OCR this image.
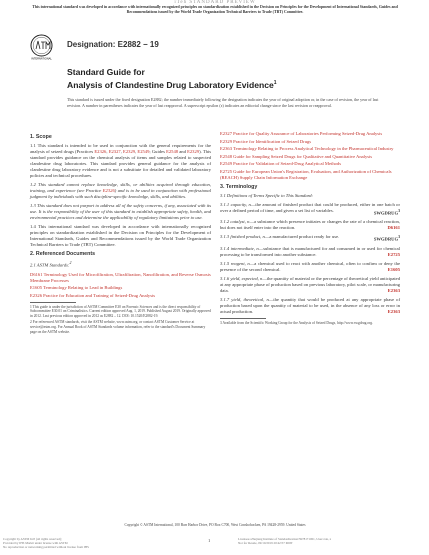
iTeh STANDARD PREVIEW
This international standard was developed in accordance with internationally recognized principles on standardization established in the Decision on Principles for the Development of International Standards, Guides and Recommendations issued by the World Trade Organization Technical Barriers to Trade (TBT) Committee.
INTERNATIONAL
Designation: E2882 − 19
Standard Guide for
Analysis of Clandestine Drug Laboratory Evidence$^1$
This standard is issued under the fixed designation E2882; the number immediately following the designation indicates the year of original adoption or, in the case of revision, the year of last revision. A number in parentheses indicates the year of last reapproval. A superscript epsilon (ε) indicates an editorial change since the last revision or reapproval.
1. Scope

1.1 This standard is intended to be used in conjunction with the general requirements for the analysis of seized drugs (Practices E2326, E2327, E2329, E2549; Guides E2548 and E2329). This standard provides guidance on the chemical analysis of items and samples related to suspected clandestine drug laboratories. This standard provides general guidance for the analysis of clandestine drug laboratory evidence and is not a substitute for detailed and validated laboratory policies and technical procedures.

1.2 This standard cannot replace knowledge, skills, or abilities acquired through education, training, and experience (see Practice E2326) and is to be used in conjunction with professional judgment by individuals with such discipline-specific knowledge, skills, and abilities.

1.3 This standard does not purport to address all of the safety concerns, if any, associated with its use. It is the responsibility of the user of this standard to establish appropriate safety, health, and environmental practices and determine the applicability of regulatory limitations prior to use.

1.4 This international standard was developed in accordance with internationally recognized principles on standardization established in the Decision on Principles for the Development of International Standards, Guides and Recommendations issued by the World Trade Organization Technical Barriers to Trade (TBT) Committee.

2. Referenced Documents

2.1 ASTM Standards:$^2$

D6161 Terminology Used for Microfiltration, Ultrafiltration, Nanofiltration, and Reverse Osmosis Membrane Processes

E1605 Terminology Relating to Lead in Buildings

E2326 Practice for Education and Training of Seized-Drug Analysts

1 This guide is under the jurisdiction of ASTM Committee E30 on Forensic Sciences and is the direct responsibility of Subcommittee E30.01 on Criminalistics. Current edition approved Aug. 1, 2019. Published August 2019. Originally approved in 2012. Last previous edition approved in 2012 as E2882 – 12. DOI: 10.1520/E2882-19.

2 For referenced ASTM standards, visit the ASTM website, www.astm.org, or contact ASTM Customer Service at service@astm.org. For Annual Book of ASTM Standards volume information, refer to the standard's Document Summary page on the ASTM website.

E2327 Practice for Quality Assurance of Laboratories Performing Seized-Drug Analysis

E2329 Practice for Identification of Seized Drugs

E2363 Terminology Relating to Process Analytical Technology in the Pharmaceutical Industry

E2548 Guide for Sampling Seized Drugs for Qualitative and Quantitative Analysis

E2549 Practice for Validation of Seized-Drug Analytical Methods

E2725 Guide for European Union's Registration, Evaluation, and Authorization of Chemicals (REACH) Supply Chain Information Exchange

3. Terminology

3.1 Definitions of Terms Specific to This Standard:

3.1.1 capacity, n—the amount of finished product that could be produced, either in one batch or over a defined period of time, and given a set list of variables.
SWGDRUG$^3$

3.1.2 catalyst, n—a substance which presence initiates or changes the rate of a chemical reaction, but does not itself enter into the reaction.	D6161

3.1.3 finished product, n—a manufactured product ready for use.
SWGDRUG$^3$

3.1.4 intermediate, n—substance that is manufactured for and consumed in or used for chemical processing to be transformed into another substance.	E2725

3.1.5 reagent, n—a chemical used to react with another chemical, often to confirm or deny the presence of the second chemical.	E1605

3.1.6 yield, expected, n—the quantity of material or the percentage of theoretical yield anticipated at any appropriate phase of production based on previous laboratory, pilot scale, or manufacturing data.	E2363

3.1.7 yield, theoretical, n—the quantity that would be produced at any appropriate phase of production based upon the quantity of material to be used, in the absence of any loss or error in actual production.	E2363

3 Available from the Scientific Working Group for the Analysis of Seized Drugs, http://www.swgdrug.org.

Copyright © ASTM International, 100 Barr Harbor Drive, PO Box C700, West Conshohocken, PA 19428-2959. United States
1
Copyright by ASTM Int'l (all rights reserved);
Provided by IHS Markit under license with ASTM
No reproduction or networking permitted without license from IHS
Licensee=Zhejiang Institute of Standardization/5978171001, User=xie, z
Not for Resale, 09/10/2019 20:42:57 MDT
